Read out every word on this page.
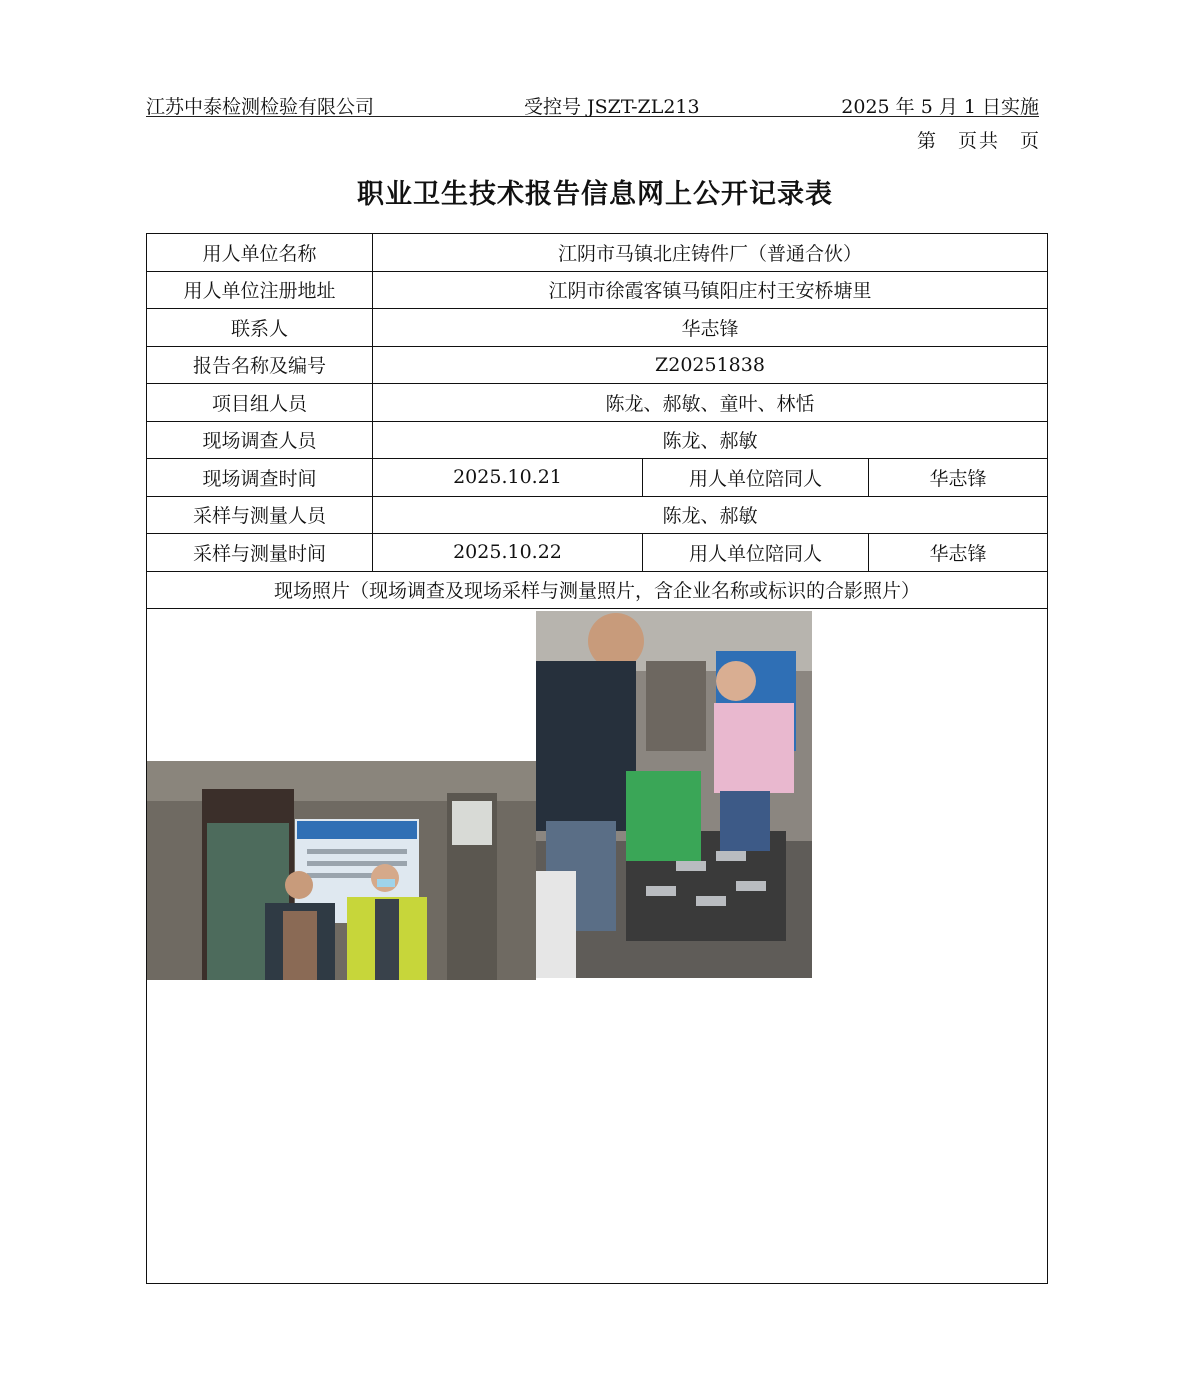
江苏中泰检测检验有限公司	受控号 JSZT-ZL213	2025 年 5 月 1 日实施
第 页共 页
职业卫生技术报告信息网上公开记录表
用人单位名称	江阴市马镇北庄铸件厂（普通合伙）		
用人单位注册地址	江阴市徐霞客镇马镇阳庄村王安桥塘里		
联系人	华志锋		
报告名称及编号	Z20251838		
项目组人员	陈龙、郝敏、童叶、林恬		
现场调查人员	陈龙、郝敏		
现场调查时间	2025.10.21	用人单位陪同人	华志锋
采样与测量人员	陈龙、郝敏		
采样与测量时间	2025.10.22	用人单位陪同人	华志锋
现场照片（现场调查及现场采样与测量照片，含企业名称或标识的合影照片）			
